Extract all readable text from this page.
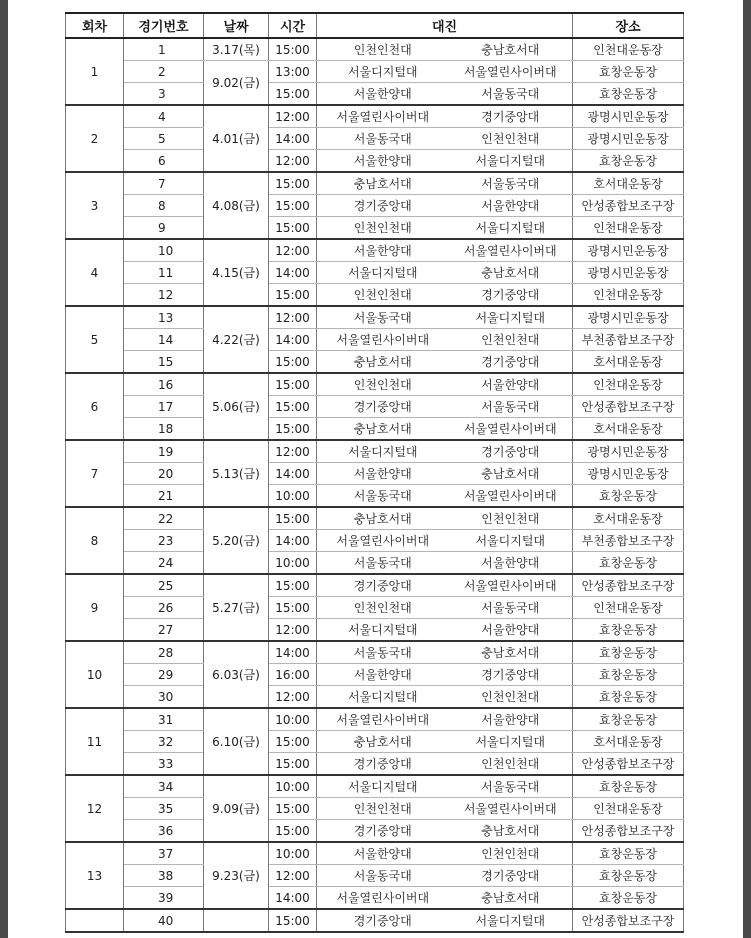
회차	경기번호	날짜	시간	대진		장소
1	1	3.17(목)	15:00	인천인천대	충남호서대	인천대운동장
	2	9.02(금)	13:00	서울디지털대	서울열린사이버대	효창운동장
	3		15:00	서울한양대	서울동국대	효창운동장
2	4	4.01(금)	12:00	서울열린사이버대	경기중앙대	광명시민운동장
	5		14:00	서울동국대	인천인천대	광명시민운동장
	6		12:00	서울한양대	서울디지털대	효창운동장
3	7	4.08(금)	15:00	충남호서대	서울동국대	호서대운동장
	8		15:00	경기중앙대	서울한양대	안성종합보조구장
	9		15:00	인천인천대	서울디지털대	인천대운동장
4	10	4.15(금)	12:00	서울한양대	서울열린사이버대	광명시민운동장
	11		14:00	서울디지털대	충남호서대	광명시민운동장
	12		15:00	인천인천대	경기중앙대	인천대운동장
5	13	4.22(금)	12:00	서울동국대	서울디지털대	광명시민운동장
	14		14:00	서울열린사이버대	인천인천대	부천종합보조구장
	15		15:00	충남호서대	경기중앙대	호서대운동장
6	16	5.06(금)	15:00	인천인천대	서울한양대	인천대운동장
	17		15:00	경기중앙대	서울동국대	안성종합보조구장
	18		15:00	충남호서대	서울열린사이버대	호서대운동장
7	19	5.13(금)	12:00	서울디지털대	경기중앙대	광명시민운동장
	20		14:00	서울한양대	충남호서대	광명시민운동장
	21		10:00	서울동국대	서울열린사이버대	효창운동장
8	22	5.20(금)	15:00	충남호서대	인천인천대	호서대운동장
	23		14:00	서울열린사이버대	서울디지털대	부천종합보조구장
	24		10:00	서울동국대	서울한양대	효창운동장
9	25	5.27(금)	15:00	경기중앙대	서울열린사이버대	안성종합보조구장
	26		15:00	인천인천대	서울동국대	인천대운동장
	27		12:00	서울디지털대	서울한양대	효창운동장
10	28	6.03(금)	14:00	서울동국대	충남호서대	효창운동장
	29		16:00	서울한양대	경기중앙대	효창운동장
	30		12:00	서울디지털대	인천인천대	효창운동장
11	31	6.10(금)	10:00	서울열린사이버대	서울한양대	효창운동장
	32		15:00	충남호서대	서울디지털대	호서대운동장
	33		15:00	경기중앙대	인천인천대	안성종합보조구장
12	34	9.09(금)	10:00	서울디지털대	서울동국대	효창운동장
	35		15:00	인천인천대	서울열린사이버대	인천대운동장
	36		15:00	경기중앙대	충남호서대	안성종합보조구장
13	37	9.23(금)	10:00	서울한양대	인천인천대	효창운동장
	38		12:00	서울동국대	경기중앙대	효창운동장
	39		14:00	서울열린사이버대	충남호서대	효창운동장
	40		15:00	경기중앙대	서울디지털대	안성종합보조구장
